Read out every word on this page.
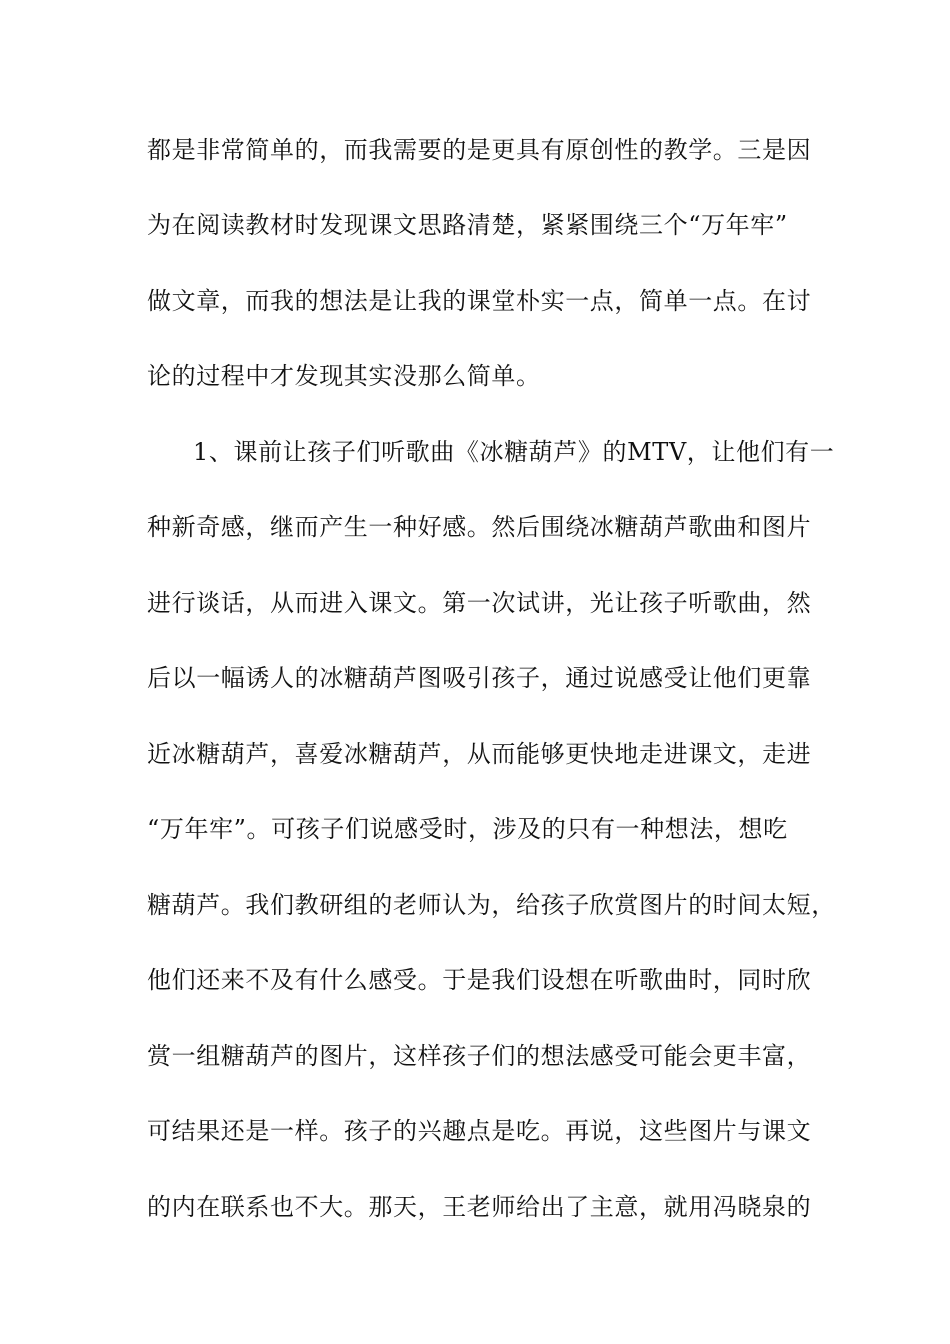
都是非常简单的，而我需要的是更具有原创性的教学。三是因
为在阅读教材时发现课文思路清楚，紧紧围绕三个“万年牢”
做文章，而我的想法是让我的课堂朴实一点，简单一点。在讨
论的过程中才发现其实没那么简单。
1、课前让孩子们听歌曲《冰糖葫芦》的MTV，让他们有一
种新奇感，继而产生一种好感。然后围绕冰糖葫芦歌曲和图片
进行谈话，从而进入课文。第一次试讲，光让孩子听歌曲，然
后以一幅诱人的冰糖葫芦图吸引孩子，通过说感受让他们更靠
近冰糖葫芦，喜爱冰糖葫芦，从而能够更快地走进课文，走进
“万年牢”。可孩子们说感受时，涉及的只有一种想法，想吃
糖葫芦。我们教研组的老师认为，给孩子欣赏图片的时间太短，
他们还来不及有什么感受。于是我们设想在听歌曲时，同时欣
赏一组糖葫芦的图片，这样孩子们的想法感受可能会更丰富，
可结果还是一样。孩子的兴趣点是吃。再说，这些图片与课文
的内在联系也不大。那天，王老师给出了主意，就用冯晓泉的
